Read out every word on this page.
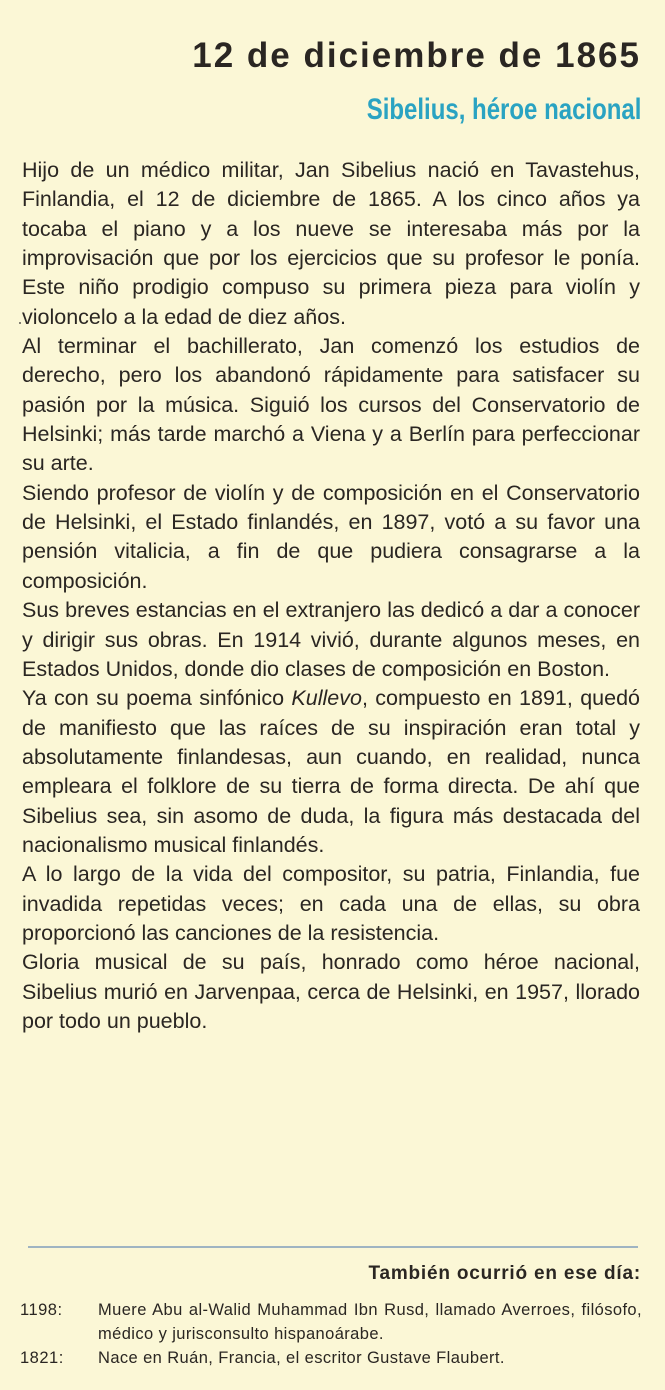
12 de diciembre de 1865
Sibelius, héroe nacional

Hijo de un médico militar, Jan Sibelius nació en Tavastehus, Finlandia, el 12 de diciembre de 1865. A los cinco años ya tocaba el piano y a los nueve se interesaba más por la improvisación que por los ejercicios que su profesor le ponía. Este niño prodigio compuso su primera pieza para violín y violoncelo a la edad de diez años.

Al terminar el bachillerato, Jan comenzó los estudios de derecho, pero los abandonó rápidamente para satisfacer su pasión por la música. Siguió los cursos del Conservatorio de Helsinki; más tarde marchó a Viena y a Berlín para perfeccionar su arte.

Siendo profesor de violín y de composición en el Conservatorio de Helsinki, el Estado finlandés, en 1897, votó a su favor una pensión vitalicia, a fin de que pudiera consagrarse a la composición.

Sus breves estancias en el extranjero las dedicó a dar a conocer y dirigir sus obras. En 1914 vivió, durante algunos meses, en Estados Unidos, donde dio clases de composición en Boston.

Ya con su poema sinfónico Kullevo, compuesto en 1891, quedó de manifiesto que las raíces de su inspiración eran total y absolutamente finlandesas, aun cuando, en realidad, nunca empleara el folklore de su tierra de forma directa. De ahí que Sibelius sea, sin asomo de duda, la figura más destacada del nacionalismo musical finlandés.

A lo largo de la vida del compositor, su patria, Finlandia, fue invadida repetidas veces; en cada una de ellas, su obra proporcionó las canciones de la resistencia.

Gloria musical de su país, honrado como héroe nacional, Sibelius murió en Jarvenpaa, cerca de Helsinki, en 1957, llorado por todo un pueblo.

También ocurrió en ese día:
1198:	Muere Abu al-Walid Muhammad Ibn Rusd, llamado Averroes, filósofo, médico y jurisconsulto hispanoárabe.
1821:	Nace en Ruán, Francia, el escritor Gustave Flaubert.
